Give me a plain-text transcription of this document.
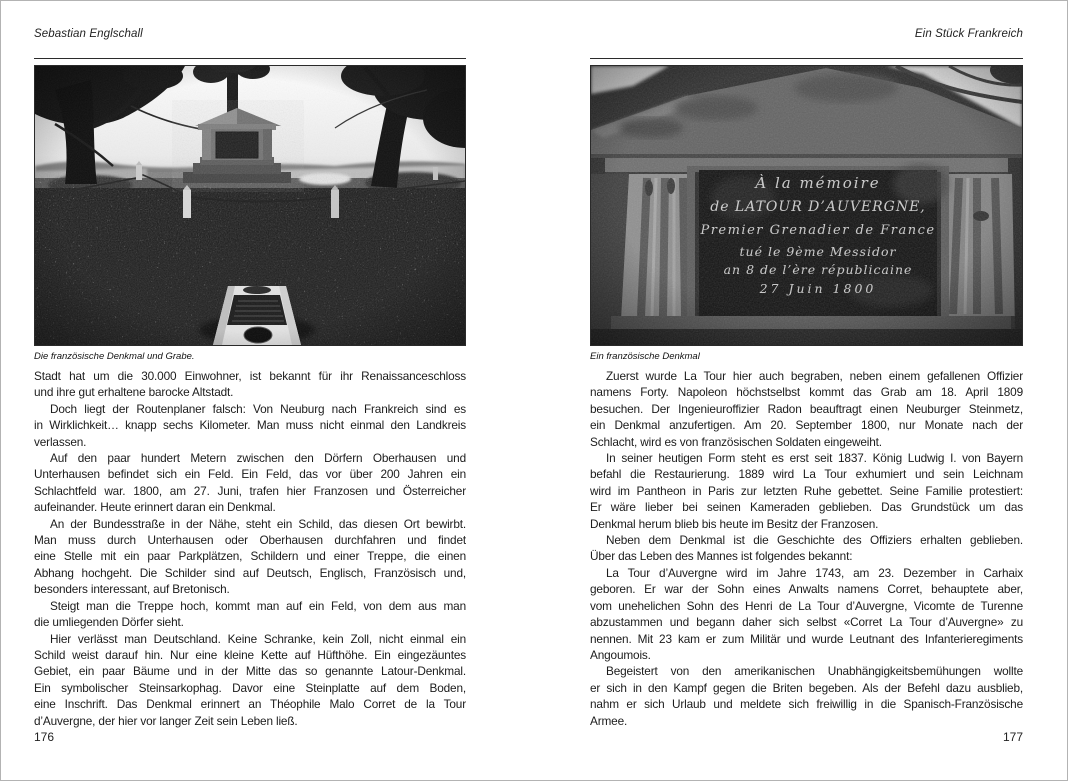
Sebastian Englschall
Die französische Denkmal und Grabe.
Stadt hat um die 30.000 Einwohner, ist bekannt für ihr Renaissanceschloss
und ihre gut erhaltene barocke Altstadt.
Doch liegt der Routenplaner falsch: Von Neuburg nach Frankreich sind es
in Wirklichkeit… knapp sechs Kilometer. Man muss nicht einmal den Landkreis
verlassen.
Auf den paar hundert Metern zwischen den Dörfern Oberhausen und
Unterhausen befindet sich ein Feld. Ein Feld, das vor über 200 Jahren ein
Schlachtfeld war. 1800, am 27. Juni, trafen hier Franzosen und Österreicher
aufeinander. Heute erinnert daran ein Denkmal.
An der Bundesstraße in der Nähe, steht ein Schild, das diesen Ort bewirbt.
Man muss durch Unterhausen oder Oberhausen durchfahren und findet
eine Stelle mit ein paar Parkplätzen, Schildern und einer Treppe, die einen
Abhang hochgeht. Die Schilder sind auf Deutsch, Englisch, Französisch und,
besonders interessant, auf Bretonisch.
Steigt man die Treppe hoch, kommt man auf ein Feld, von dem aus man
die umliegenden Dörfer sieht.
Hier verlässt man Deutschland. Keine Schranke, kein Zoll, nicht einmal ein
Schild weist darauf hin. Nur eine kleine Kette auf Hüfthöhe. Ein eingezäuntes
Gebiet, ein paar Bäume und in der Mitte das so genannte Latour-Denkmal.
Ein symbolischer Steinsarkophag. Davor eine Steinplatte auf dem Boden,
eine Inschrift. Das Denkmal erinnert an Théophile Malo Corret de la Tour
d’Auvergne, der hier vor langer Zeit sein Leben ließ.
176
Ein Stück Frankreich
Ein französische Denkmal
Zuerst wurde La Tour hier auch begraben, neben einem gefallenen Offizier
namens Forty. Napoleon höchstselbst kommt das Grab am 18. April 1809
besuchen. Der Ingenieuroffizier Radon beauftragt einen Neuburger Steinmetz,
ein Denkmal anzufertigen. Am 20. September 1800, nur Monate nach der
Schlacht, wird es von französischen Soldaten eingeweiht.
In seiner heutigen Form steht es erst seit 1837. König Ludwig I. von Bayern
befahl die Restaurierung. 1889 wird La Tour exhumiert und sein Leichnam
wird im Pantheon in Paris zur letzten Ruhe gebettet. Seine Familie protestiert:
Er wäre lieber bei seinen Kameraden geblieben. Das Grundstück um das
Denkmal herum blieb bis heute im Besitz der Franzosen.
Neben dem Denkmal ist die Geschichte des Offiziers erhalten geblieben.
Über das Leben des Mannes ist folgendes bekannt:
La Tour d’Auvergne wird im Jahre 1743, am 23. Dezember in Carhaix
geboren. Er war der Sohn eines Anwalts namens Corret, behauptete aber,
vom unehelichen Sohn des Henri de La Tour d’Auvergne, Vicomte de Turenne
abzustammen und begann daher sich selbst «Corret La Tour d’Auvergne» zu
nennen. Mit 23 kam er zum Militär und wurde Leutnant des Infanterieregiments
Angoumois.
Begeistert von den amerikanischen Unabhängigkeitsbemühungen wollte
er sich in den Kampf gegen die Briten begeben. Als der Befehl dazu ausblieb,
nahm er sich Urlaub und meldete sich freiwillig in die Spanisch-Französische
Armee.
177
